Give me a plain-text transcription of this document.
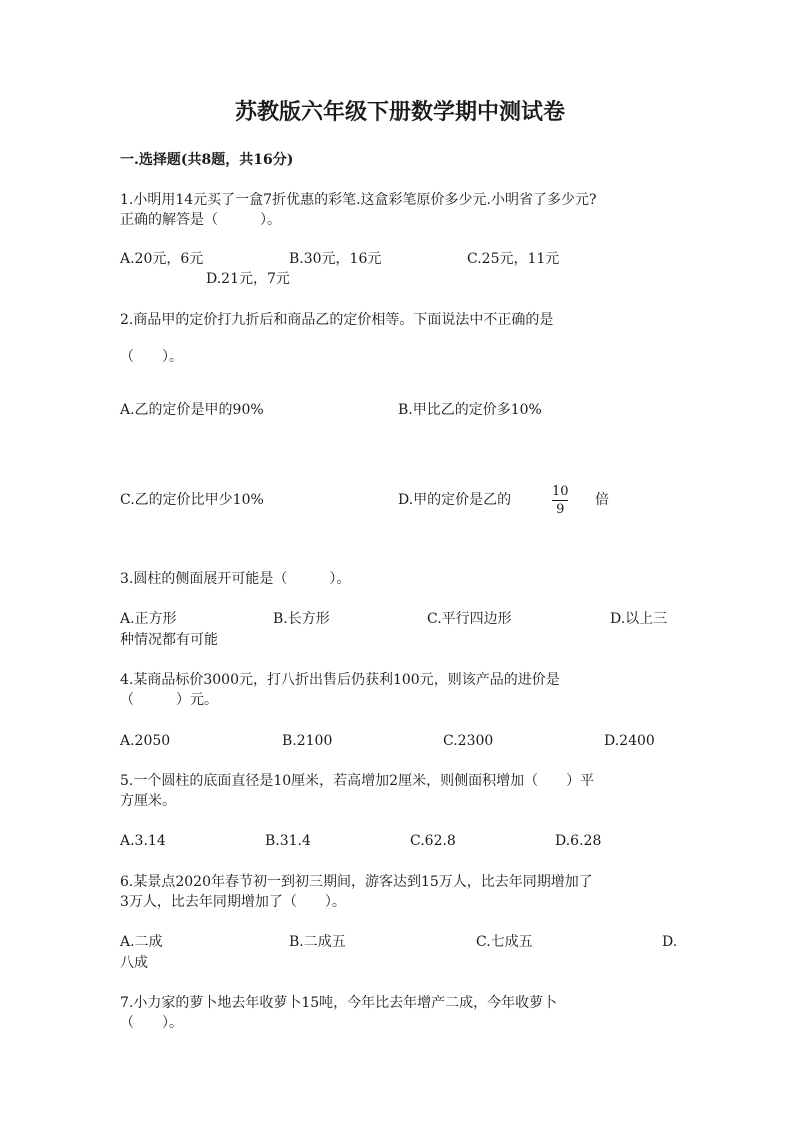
苏教版六年级下册数学期中测试卷
一.选择题(共8题，共16分)
1.小明用14元买了一盒7折优惠的彩笔.这盒彩笔原价多少元.小明省了多少元?
正确的解答是（　　　）。
A.20元，6元	B.30元，16元	C.25元，11元
D.21元，7元
2.商品甲的定价打九折后和商品乙的定价相等。下面说法中不正确的是
（　　）。
A.乙的定价是甲的90%	B.甲比乙的定价多10%
C.乙的定价比甲少10%	D.甲的定价是乙的
10
9
倍
3.圆柱的侧面展开可能是（　　　）。
A.正方形	B.长方形	C.平行四边形	D.以上三
种情况都有可能
4.某商品标价3000元，打八折出售后仍获利100元，则该产品的进价是
（　　　）元。
A.2050	B.2100	C.2300	D.2400
5.一个圆柱的底面直径是10厘米，若高增加2厘米，则侧面积增加（　　）平
方厘米。
A.3.14	B.31.4	C.62.8	D.6.28
6.某景点2020年春节初一到初三期间，游客达到15万人，比去年同期增加了
3万人，比去年同期增加了（　　）。
A.二成	B.二成五	C.七成五	D.
八成
7.小力家的萝卜地去年收萝卜15吨，今年比去年增产二成，今年收萝卜
（　　）。
